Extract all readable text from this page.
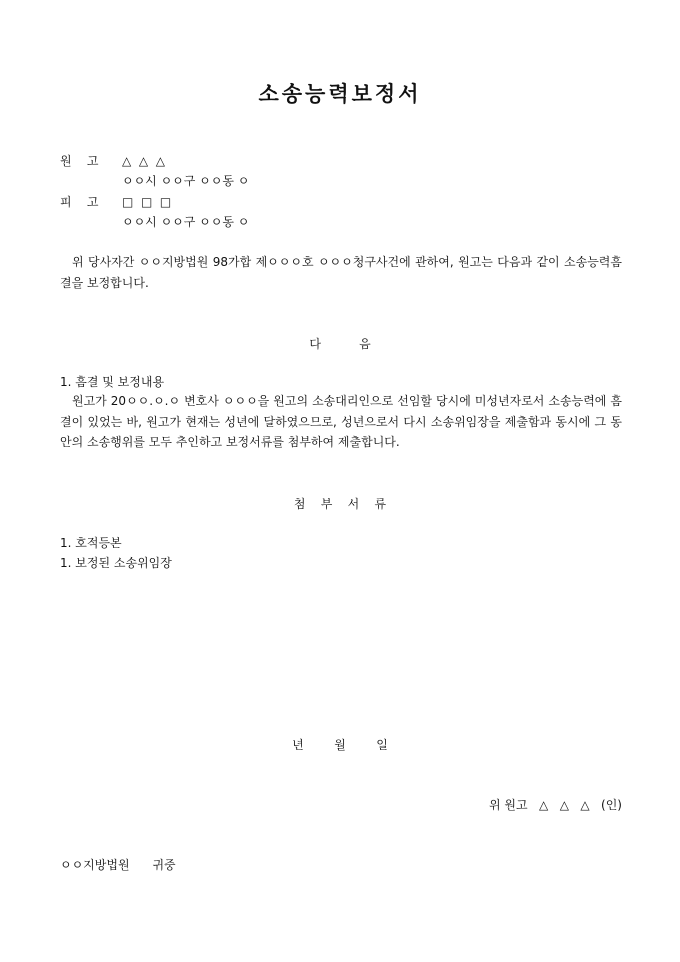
소송능력보정서
원    고 △  △  △
ㅇㅇ시 ㅇㅇ구 ㅇㅇ동 ㅇ
피    고 □  □  □
ㅇㅇ시 ㅇㅇ구 ㅇㅇ동 ㅇ
위 당사자간 ㅇㅇ지방법원 98가합 제ㅇㅇㅇ호 ㅇㅇㅇ청구사건에 관하여, 원고는 다음과 같이 소송능력흠결을 보정합니다.
다          음
1. 흠결 및 보정내용
원고가 20ㅇㅇ.ㅇ.ㅇ 변호사 ㅇㅇㅇ을 원고의 소송대리인으로 선임할 당시에 미성년자로서 소송능력에 흠결이 있었는 바, 원고가 현재는 성년에 달하였으므로, 성년으로서 다시 소송위임장을 제출함과 동시에 그 동안의 소송행위를 모두 추인하고 보정서류를 첨부하여 제출합니다.
첨    부    서    류
1. 호적등본
1. 보정된 소송위임장
년        월        일
위 원고   △   △   △   (인)
ㅇㅇ지방법원      귀중
